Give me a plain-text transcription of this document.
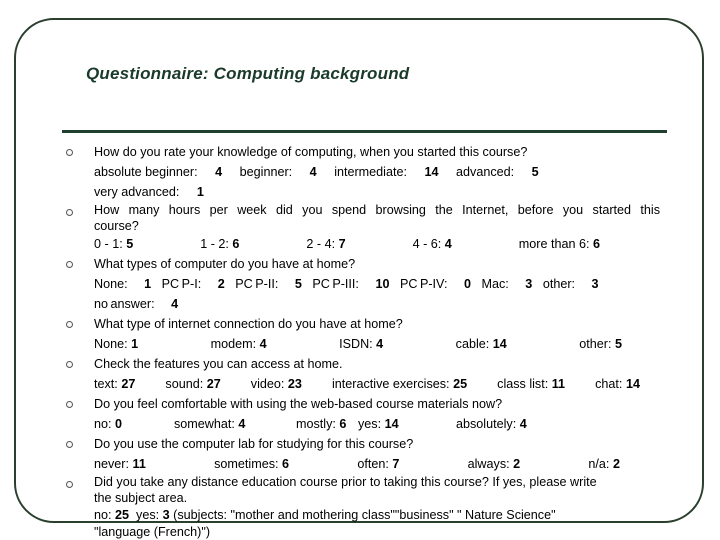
Questionnaire: Computing background
How do you rate your knowledge of computing, when you started this course?
absolute beginner: 4 beginner: 4 intermediate: 14 advanced: 5 very advanced: 1
How many hours per week did you spend browsing the Internet, before you started this
course?
0 - 1: 5	1 - 2: 6	2 - 4: 7	4 - 6: 4	more than 6: 6
What types of computer do you have at home?
None: 1 PC P-I: 2 PC P-II: 5 PC P-III: 10 PC P-IV: 0 Mac: 3 other: 3 no answer: 4
What type of internet connection do you have at home?
None: 1	modem: 4	ISDN: 4	cable: 14	other: 5
Check the features you can access at home.
text: 27 sound: 27 video: 23 interactive exercises: 25 class list: 11 chat: 14
Do you feel comfortable with using the web-based course materials now?
no: 0	somewhat: 4	mostly: 6 yes: 14	absolutely: 4
Do you use the computer lab for studying for this course?
never: 11	sometimes: 6	often: 7	always: 2	n/a: 2
Did you take any distance education course prior to taking this course? If yes, please write
the subject area.
no: 25 yes: 3 (subjects: "mother and mothering class""business" " Nature Science"
"language (French)")
